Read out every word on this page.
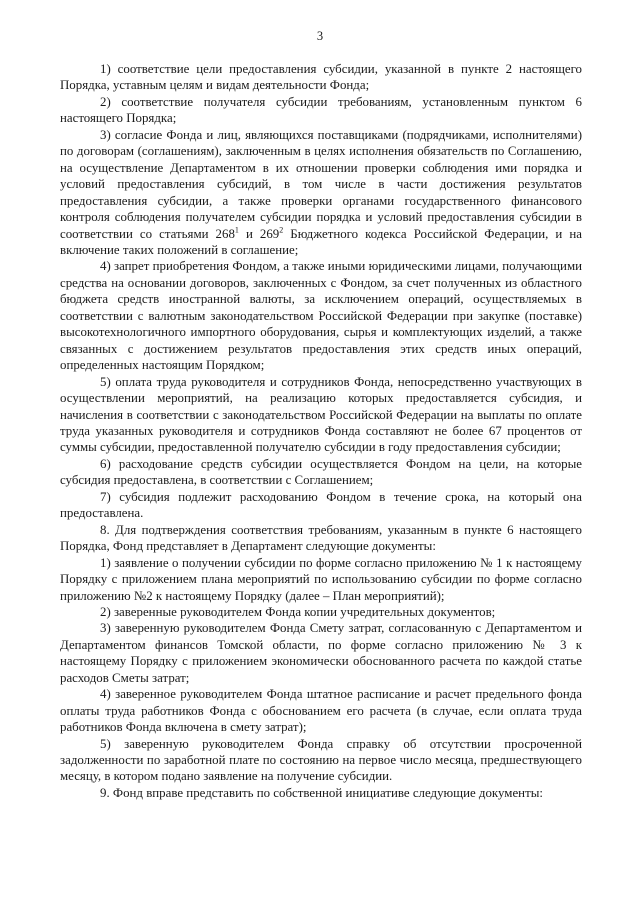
3

1) соответствие цели предоставления субсидии, указанной в пункте 2 настоящего Порядка, уставным целям и видам деятельности Фонда;

2) соответствие получателя субсидии требованиям, установленным пунктом 6 настоящего Порядка;

3) согласие Фонда и лиц, являющихся поставщиками (подрядчиками, исполнителями) по договорам (соглашениям), заключенным в целях исполнения обязательств по Соглашению, на осуществление Департаментом в их отношении проверки соблюдения ими порядка и условий предоставления субсидий, в том числе в части достижения результатов предоставления субсидии, а также проверки органами государственного финансового контроля соблюдения получателем субсидии порядка и условий предоставления субсидии в соответствии со статьями $268^1$ и $269^2$ Бюджетного кодекса Российской Федерации, и на включение таких положений в соглашение;

4) запрет приобретения Фондом, а также иными юридическими лицами, получающими средства на основании договоров, заключенных с Фондом, за счет полученных из областного бюджета средств иностранной валюты, за исключением операций, осуществляемых в соответствии с валютным законодательством Российской Федерации при закупке (поставке) высокотехнологичного импортного оборудования, сырья и комплектующих изделий, а также связанных с достижением результатов предоставления этих средств иных операций, определенных настоящим Порядком;

5) оплата труда руководителя и сотрудников Фонда, непосредственно участвующих в осуществлении мероприятий, на реализацию которых предоставляется субсидия, и начисления в соответствии с законодательством Российской Федерации на выплаты по оплате труда указанных руководителя и сотрудников Фонда составляют не более 67 процентов от суммы субсидии, предоставленной получателю субсидии в году предоставления субсидии;

6) расходование средств субсидии осуществляется Фондом на цели, на которые субсидия предоставлена, в соответствии с Соглашением;

7) субсидия подлежит расходованию Фондом в течение срока, на который она предоставлена.

8. Для подтверждения соответствия требованиям, указанным в пункте 6 настоящего Порядка, Фонд представляет в Департамент следующие документы:

1) заявление о получении субсидии по форме согласно приложению № 1 к настоящему Порядку с приложением плана мероприятий по использованию субсидии по форме согласно приложению №2 к настоящему Порядку (далее – План мероприятий);

2) заверенные руководителем Фонда копии учредительных документов;

3) заверенную руководителем Фонда Смету затрат, согласованную с Департаментом и Департаментом финансов Томской области, по форме согласно приложению № 3 к настоящему Порядку с приложением экономически обоснованного расчета по каждой статье расходов Сметы затрат;

4) заверенное руководителем Фонда штатное расписание и расчет предельного фонда оплаты труда работников Фонда с обоснованием его расчета (в случае, если оплата труда работников Фонда включена в смету затрат);

5) заверенную руководителем Фонда справку об отсутствии просроченной задолженности по заработной плате по состоянию на первое число месяца, предшествующего месяцу, в котором подано заявление на получение субсидии.

9. Фонд вправе представить по собственной инициативе следующие документы:
